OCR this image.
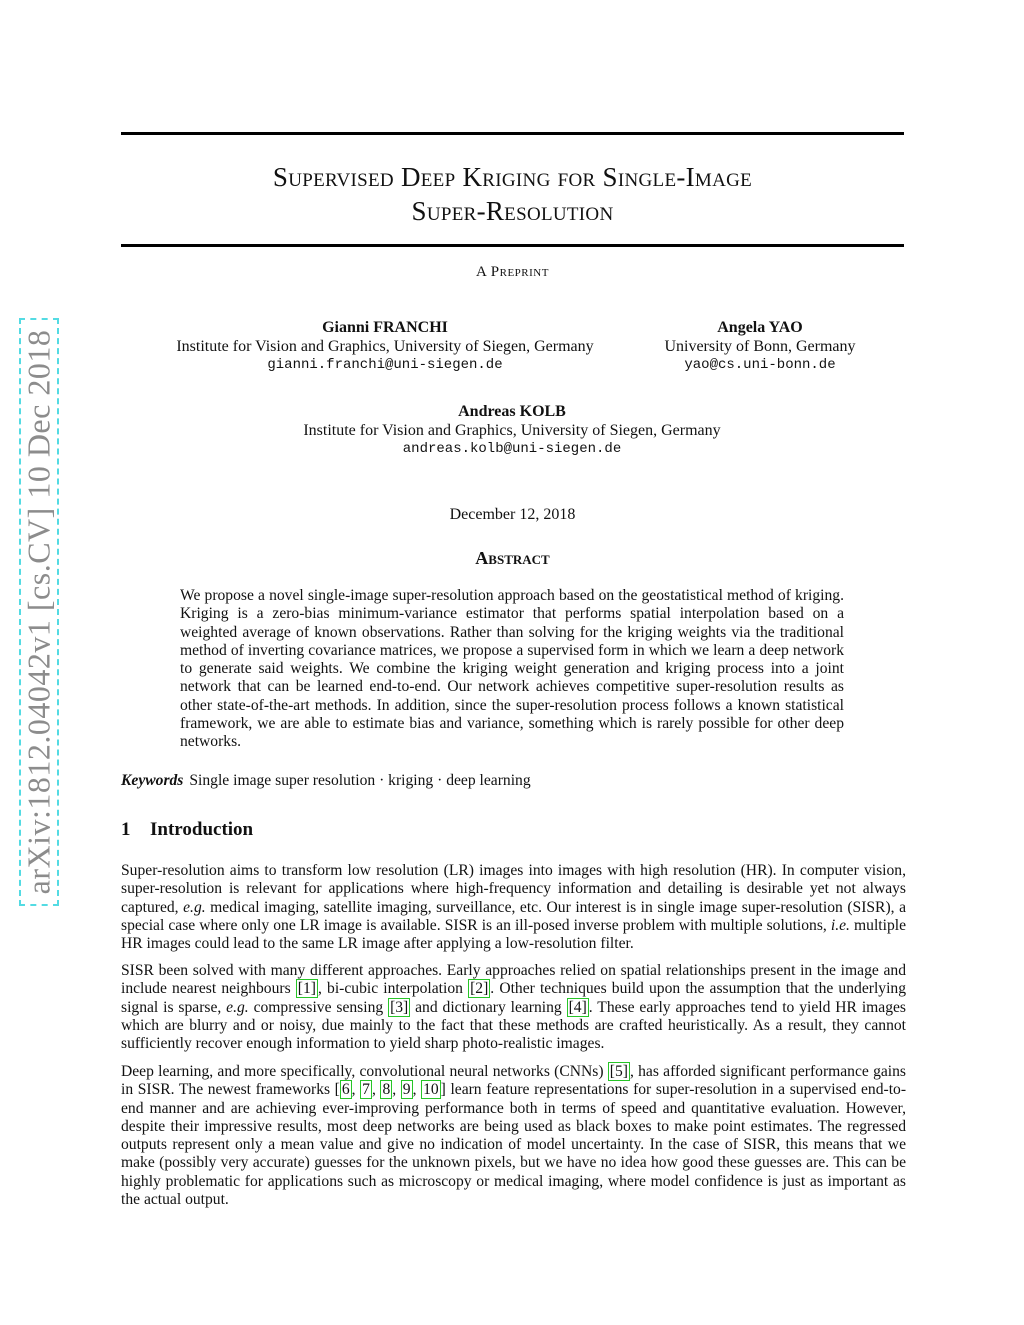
arXiv:1812.04042v1 [cs.CV] 10 Dec 2018
Supervised Deep Kriging for Single-Image
Super-Resolution
A Preprint
Gianni FRANCHI
Institute for Vision and Graphics, University of Siegen, Germany
gianni.franchi@uni-siegen.de
Angela YAO
University of Bonn, Germany
yao@cs.uni-bonn.de
Andreas KOLB
Institute for Vision and Graphics, University of Siegen, Germany
andreas.kolb@uni-siegen.de
December 12, 2018
Abstract
We propose a novel single-image super-resolution approach based on the geostatistical method of kriging. Kriging is a zero-bias minimum-variance estimator that performs spatial interpolation based on a weighted average of known observations. Rather than solving for the kriging weights via the traditional method of inverting covariance matrices, we propose a supervised form in which we learn a deep network to generate said weights. We combine the kriging weight generation and kriging process into a joint network that can be learned end-to-end. Our network achieves competitive super-resolution results as other state-of-the-art methods. In addition, since the super-resolution process follows a known statistical framework, we are able to estimate bias and variance, something which is rarely possible for other deep networks.
Keywords Single image super resolution · kriging · deep learning
1 Introduction
Super-resolution aims to transform low resolution (LR) images into images with high resolution (HR). In computer vision, super-resolution is relevant for applications where high-frequency information and detailing is desirable yet not always captured, e.g. medical imaging, satellite imaging, surveillance, etc. Our interest is in single image super-resolution (SISR), a special case where only one LR image is available. SISR is an ill-posed inverse problem with multiple solutions, i.e. multiple HR images could lead to the same LR image after applying a low-resolution filter.
SISR been solved with many different approaches. Early approaches relied on spatial relationships present in the image and include nearest neighbours [1] , bi-cubic interpolation [2] . Other techniques build upon the assumption that the underlying signal is sparse, e.g. compressive sensing [3] and dictionary learning [4] . These early approaches tend to yield HR images which are blurry and or noisy, due mainly to the fact that these methods are crafted heuristically. As a result, they cannot sufficiently recover enough information to yield sharp photo-realistic images.
Deep learning, and more specifically, convolutional neural networks (CNNs) [5] , has afforded significant performance gains in SISR. The newest frameworks [ 6 , 7 , 8 , 9 , 10 ] learn feature representations for super-resolution in a supervised end-to-end manner and are achieving ever-improving performance both in terms of speed and quantitative evaluation. However, despite their impressive results, most deep networks are being used as black boxes to make point estimates. The regressed outputs represent only a mean value and give no indication of model uncertainty. In the case of SISR, this means that we make (possibly very accurate) guesses for the unknown pixels, but we have no idea how good these guesses are. This can be highly problematic for applications such as microscopy or medical imaging, where model confidence is just as important as the actual output.
